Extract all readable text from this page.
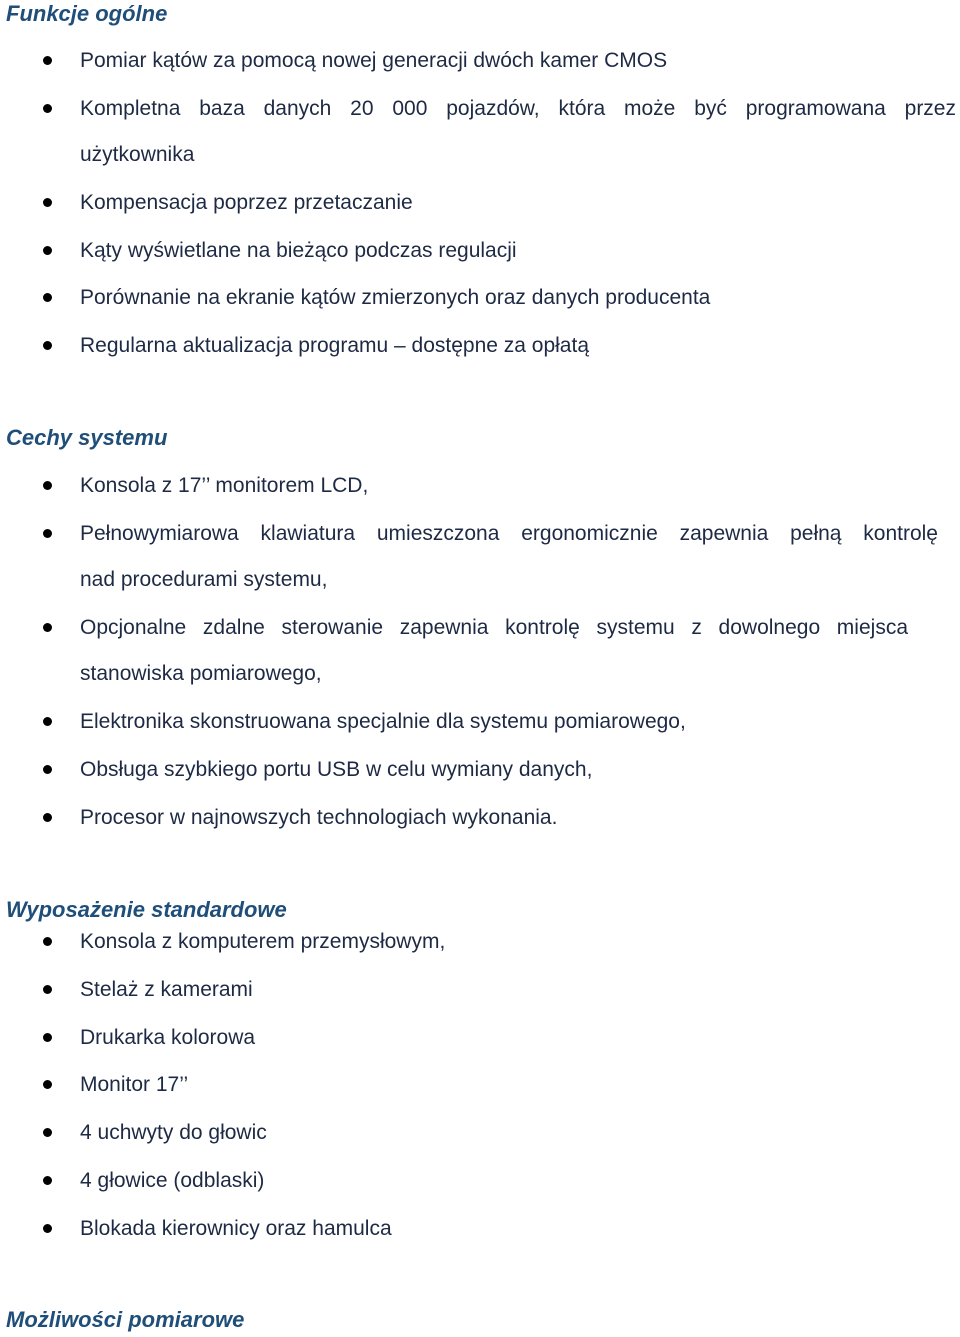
Funkcje ogólne
Pomiar kątów za pomocą nowej generacji dwóch kamer CMOS
Kompletna baza danych 20 000 pojazdów, która może być programowana przez
użytkownika
Kompensacja poprzez przetaczanie
Kąty wyświetlane na bieżąco podczas regulacji
Porównanie na ekranie kątów zmierzonych oraz danych producenta
Regularna aktualizacja programu – dostępne za opłatą
Cechy systemu
Konsola z 17’’ monitorem LCD,
Pełnowymiarowa klawiatura umieszczona ergonomicznie zapewnia pełną kontrolę
nad procedurami systemu,
Opcjonalne zdalne sterowanie zapewnia kontrolę systemu z dowolnego miejsca
stanowiska pomiarowego,
Elektronika skonstruowana specjalnie dla systemu pomiarowego,
Obsługa szybkiego portu USB w celu wymiany danych,
Procesor w najnowszych technologiach wykonania.
Wyposażenie standardowe
Konsola z komputerem przemysłowym,
Stelaż z kamerami
Drukarka kolorowa
Monitor 17’’
4 uchwyty do głowic
4 głowice (odblaski)
Blokada kierownicy oraz hamulca
Możliwości pomiarowe
